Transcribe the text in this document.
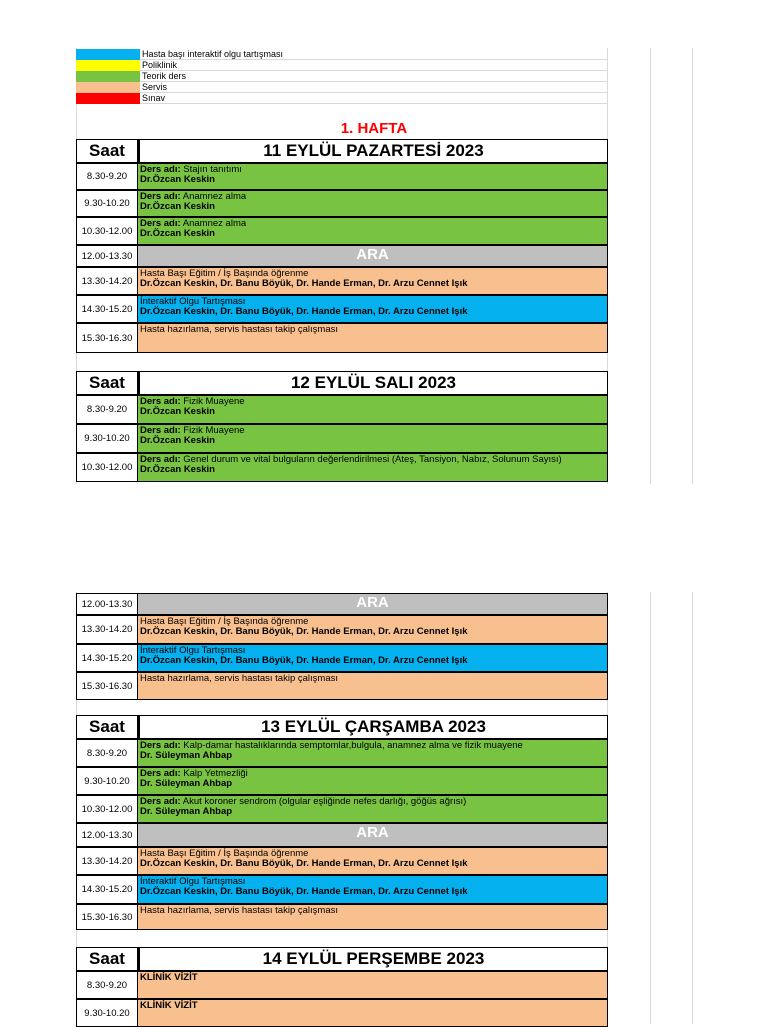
Hasta başı interaktif olgu tartışması
Poliklinik
Teorik ders
Servis
Sınav
1. HAFTA
Saat	11 EYLÜL PAZARTESİ 2023
8.30-9.20
Ders adı: Stajın tanıtımı
Dr.Özcan Keskin
9.30-10.20
Ders adı: Anamnez alma
Dr.Özcan Keskin
10.30-12.00
Ders adı: Anamnez alma
Dr.Özcan Keskin
12.00-13.30	ARA
13.30-14.20
Hasta Başı Eğitim / İş Başında öğrenme
Dr.Özcan Keskin, Dr. Banu Böyük, Dr. Hande Erman, Dr. Arzu Cennet Işık
14.30-15.20
İnteraktif Olgu Tartışması
Dr.Özcan Keskin, Dr. Banu Böyük, Dr. Hande Erman, Dr. Arzu Cennet Işık
15.30-16.30
Hasta hazırlama, servis hastası takip çalışması
Saat	12 EYLÜL SALI 2023
8.30-9.20
Ders adı: Fizik Muayene
Dr.Özcan Keskin
9.30-10.20
Ders adı: Fizik Muayene
Dr.Özcan Keskin
10.30-12.00
Ders adı: Genel durum ve vital bulguların değerlendirilmesi (Ateş, Tansiyon, Nabız, Solunum Sayısı)
Dr.Özcan Keskin
12.00-13.30	ARA
13.30-14.20
Hasta Başı Eğitim / İş Başında öğrenme
Dr.Özcan Keskin, Dr. Banu Böyük, Dr. Hande Erman, Dr. Arzu Cennet Işık
14.30-15.20
İnteraktif Olgu Tartışması
Dr.Özcan Keskin, Dr. Banu Böyük, Dr. Hande Erman, Dr. Arzu Cennet Işık
15.30-16.30
Hasta hazırlama, servis hastası takip çalışması
Saat	13 EYLÜL ÇARŞAMBA 2023
8.30-9.20
Ders adı: Kalp-damar hastalıklarında semptomlar,bulgula, anamnez alma ve fizik muayene
Dr. Süleyman Ahbap
9.30-10.20
Ders adı: Kalp Yetmezliği
Dr. Süleyman Ahbap
10.30-12.00
Ders adı: Akut koroner sendrom (olgular eşliğinde nefes darlığı, göğüs ağrısı)
Dr. Süleyman Ahbap
12.00-13.30	ARA
13.30-14.20
Hasta Başı Eğitim / İş Başında öğrenme
Dr.Özcan Keskin, Dr. Banu Böyük, Dr. Hande Erman, Dr. Arzu Cennet Işık
14.30-15.20
İnteraktif Olgu Tartışması
Dr.Özcan Keskin, Dr. Banu Böyük, Dr. Hande Erman, Dr. Arzu Cennet Işık
15.30-16.30
Hasta hazırlama, servis hastası takip çalışması
Saat	14 EYLÜL PERŞEMBE 2023
8.30-9.20
KLİNİK VİZİT
9.30-10.20
KLİNİK VİZİT
